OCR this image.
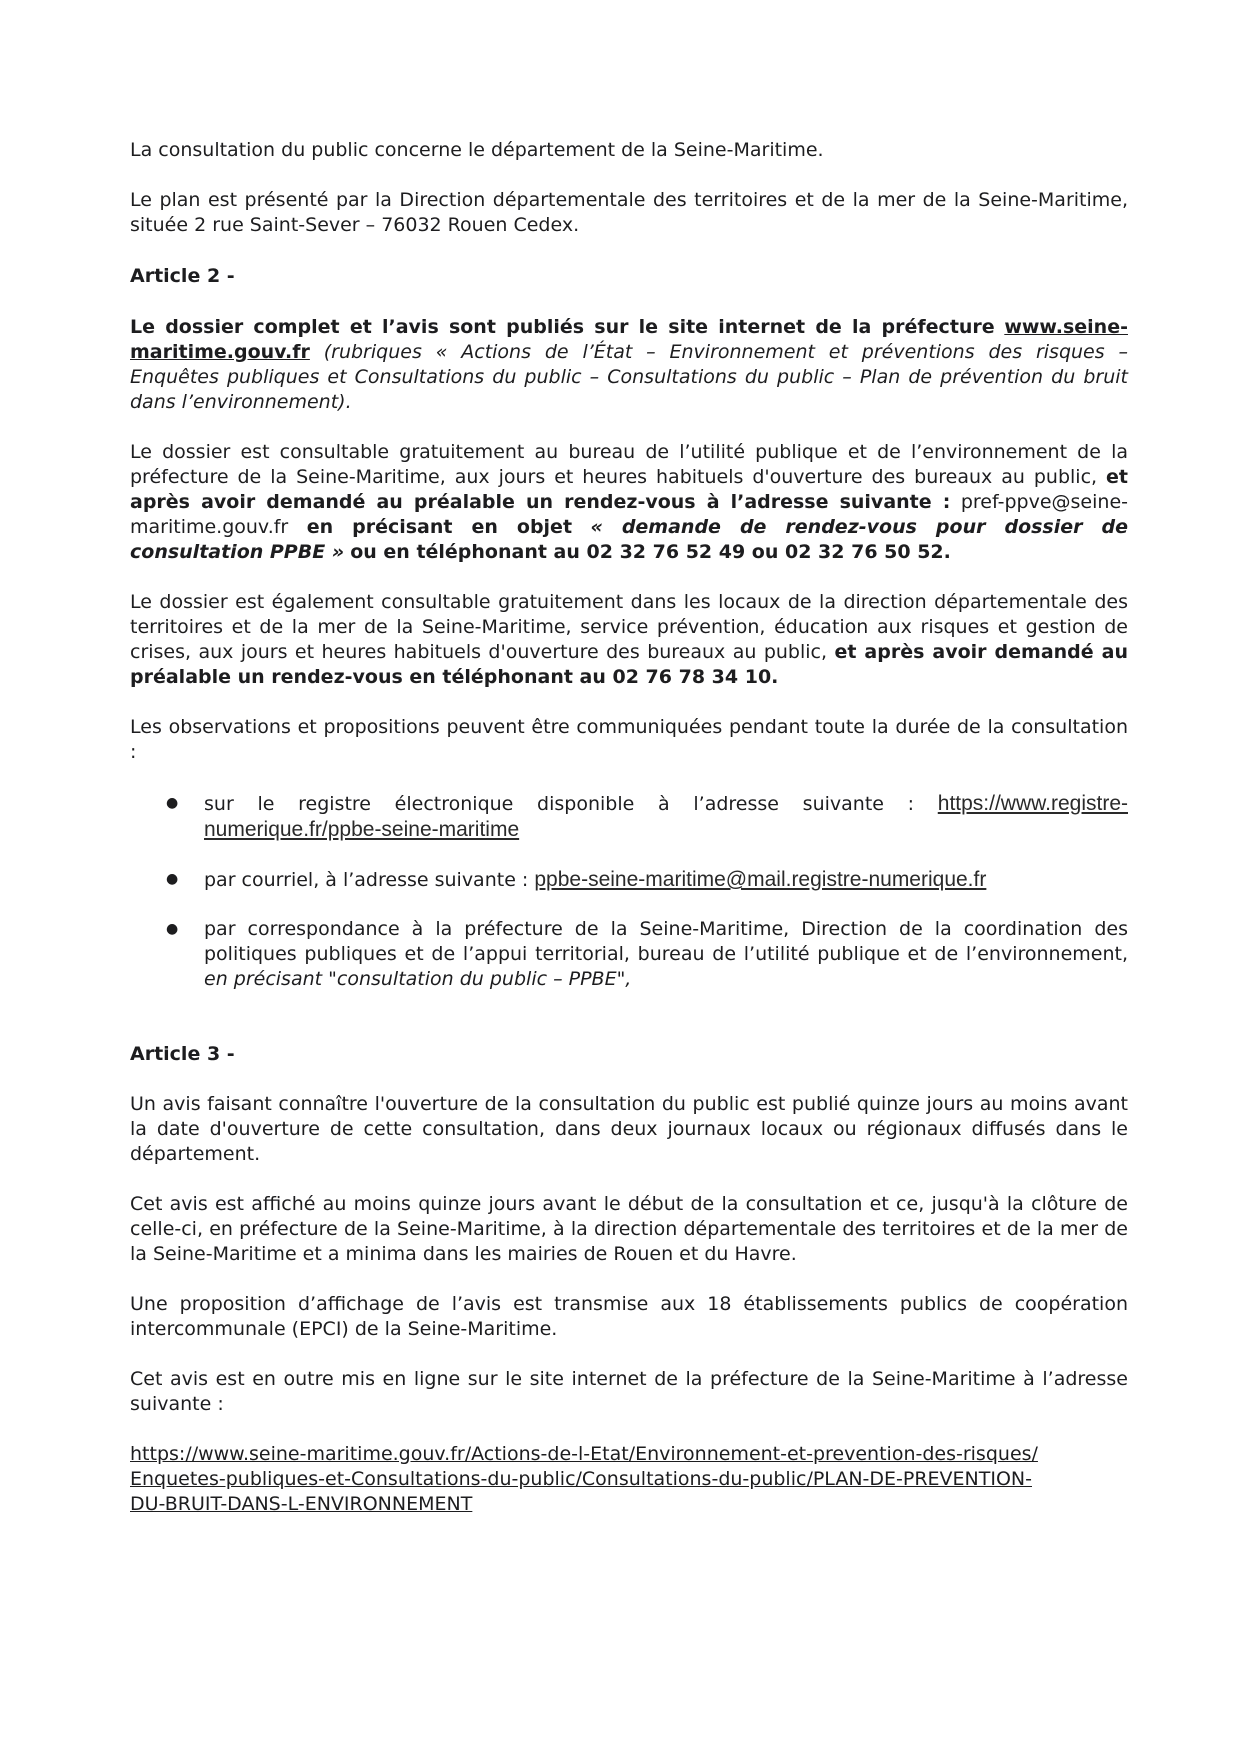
La consultation du public concerne le département de la Seine-Maritime.

Le plan est présenté par la Direction départementale des territoires et de la mer de la Seine-Maritime, située 2 rue Saint-Sever – 76032 Rouen Cedex.

Article 2 -

Le dossier complet et l’avis sont publiés sur le site internet de la préfecture www.seine-maritime.gouv.fr (rubriques « Actions de l’État – Environnement et préventions des risques – Enquêtes publiques et Consultations du public – Consultations du public – Plan de prévention du bruit dans l’environnement).

Le dossier est consultable gratuitement au bureau de l’utilité publique et de l’environnement de la préfecture de la Seine-Maritime, aux jours et heures habituels d'ouverture des bureaux au public, et après avoir demandé au préalable un rendez-vous à l’adresse suivante : pref-ppve@seine-maritime.gouv.fr en précisant en objet « demande de rendez-vous pour dossier de consultation PPBE » ou en téléphonant au 02 32 76 52 49 ou 02 32 76 50 52.

Le dossier est également consultable gratuitement dans les locaux de la direction départementale des territoires et de la mer de la Seine-Maritime, service prévention, éducation aux risques et gestion de crises, aux jours et heures habituels d'ouverture des bureaux au public, et après avoir demandé au préalable un rendez-vous en téléphonant au 02 76 78 34 10.

Les observations et propositions peuvent être communiquées pendant toute la durée de la consultation :

● sur le registre électronique disponible à l’adresse suivante : https://www.registre-numerique.fr/ppbe-seine-maritime
● par courriel, à l’adresse suivante : ppbe-seine-maritime@mail.registre-numerique.fr
● par correspondance à la préfecture de la Seine-Maritime, Direction de la coordination des politiques publiques et de l’appui territorial, bureau de l’utilité publique et de l’environnement, en précisant "consultation du public – PPBE",

Article 3 -

Un avis faisant connaître l'ouverture de la consultation du public est publié quinze jours au moins avant la date d'ouverture de cette consultation, dans deux journaux locaux ou régionaux diffusés dans le département.

Cet avis est affiché au moins quinze jours avant le début de la consultation et ce, jusqu'à la clôture de celle-ci, en préfecture de la Seine-Maritime, à la direction départementale des territoires et de la mer de la Seine-Maritime et a minima dans les mairies de Rouen et du Havre.

Une proposition d’affichage de l’avis est transmise aux 18 établissements publics de coopération intercommunale (EPCI) de la Seine-Maritime.

Cet avis est en outre mis en ligne sur le site internet de la préfecture de la Seine-Maritime à l’adresse suivante :

https://www.seine-maritime.gouv.fr/Actions-de-l-Etat/Environnement-et-prevention-des-risques/
Enquetes-publiques-et-Consultations-du-public/Consultations-du-public/PLAN-DE-PREVENTION-
DU-BRUIT-DANS-L-ENVIRONNEMENT
